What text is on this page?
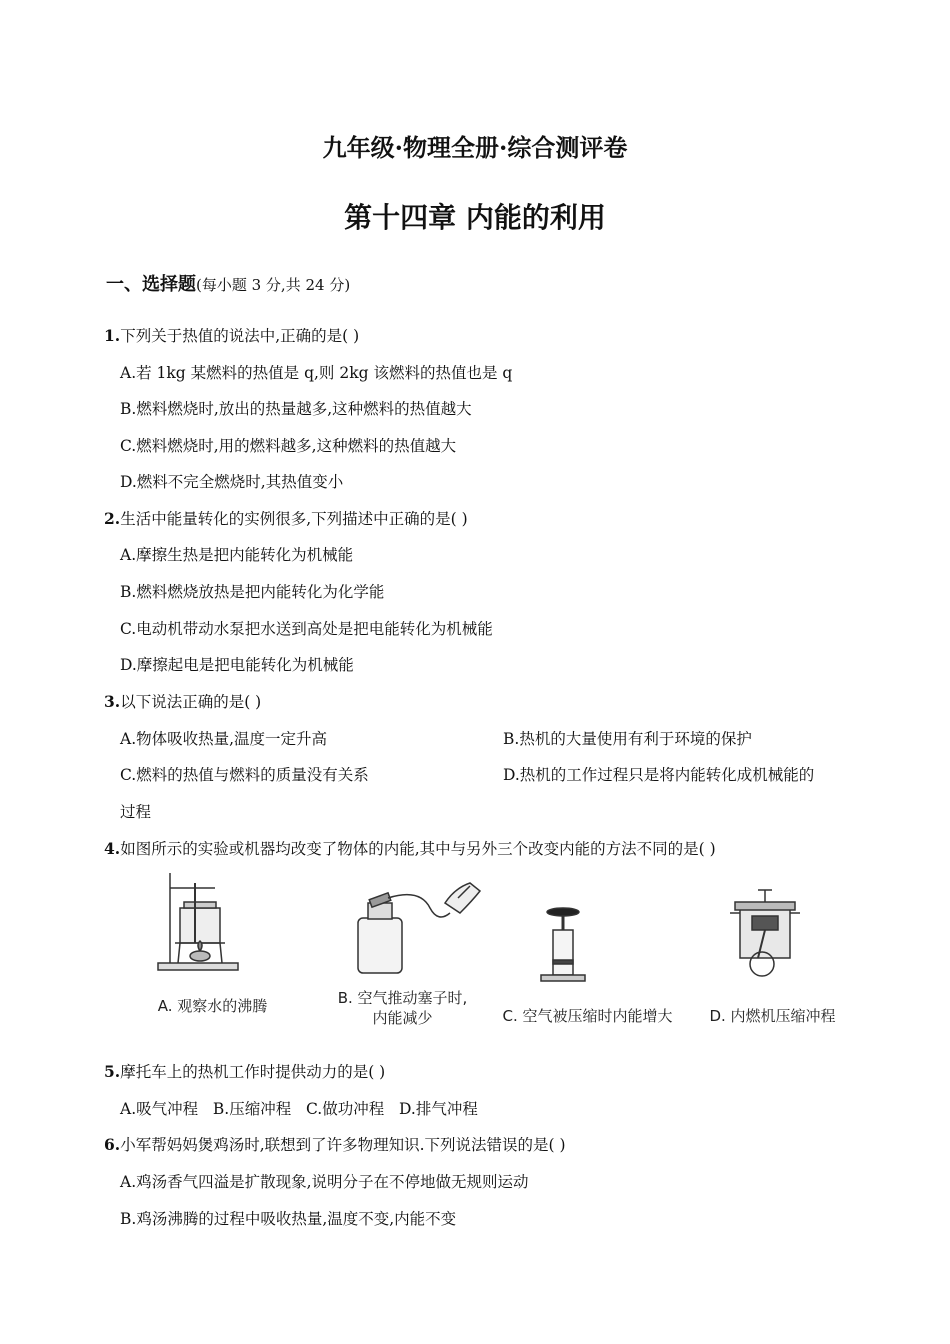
九年级·物理全册·综合测评卷
第十四章 内能的利用
一、选择题(每小题 3 分,共 24 分)
1.下列关于热值的说法中,正确的是( )
A.若 1kg 某燃料的热值是 q,则 2kg 该燃料的热值也是 q
B.燃料燃烧时,放出的热量越多,这种燃料的热值越大
C.燃料燃烧时,用的燃料越多,这种燃料的热值越大
D.燃料不完全燃烧时,其热值变小
2.生活中能量转化的实例很多,下列描述中正确的是( )
A.摩擦生热是把内能转化为机械能
B.燃料燃烧放热是把内能转化为化学能
C.电动机带动水泵把水送到高处是把电能转化为机械能
D.摩擦起电是把电能转化为机械能
3.以下说法正确的是( )
A.物体吸收热量,温度一定升高	B.热机的大量使用有利于环境的保护
C.燃料的热值与燃料的质量没有关系	D.热机的工作过程只是将内能转化成机械能的
过程
4.如图所示的实验或机器均改变了物体的内能,其中与另外三个改变内能的方法不同的是( )
A. 观察水的沸腾	B. 空气推动塞子时,
内能减少	C. 空气被压缩时内能增大	D. 内燃机压缩冲程
5.摩托车上的热机工作时提供动力的是( )
A.吸气冲程   B.压缩冲程   C.做功冲程   D.排气冲程
6.小军帮妈妈煲鸡汤时,联想到了许多物理知识.下列说法错误的是( )
A.鸡汤香气四溢是扩散现象,说明分子在不停地做无规则运动
B.鸡汤沸腾的过程中吸收热量,温度不变,内能不变
